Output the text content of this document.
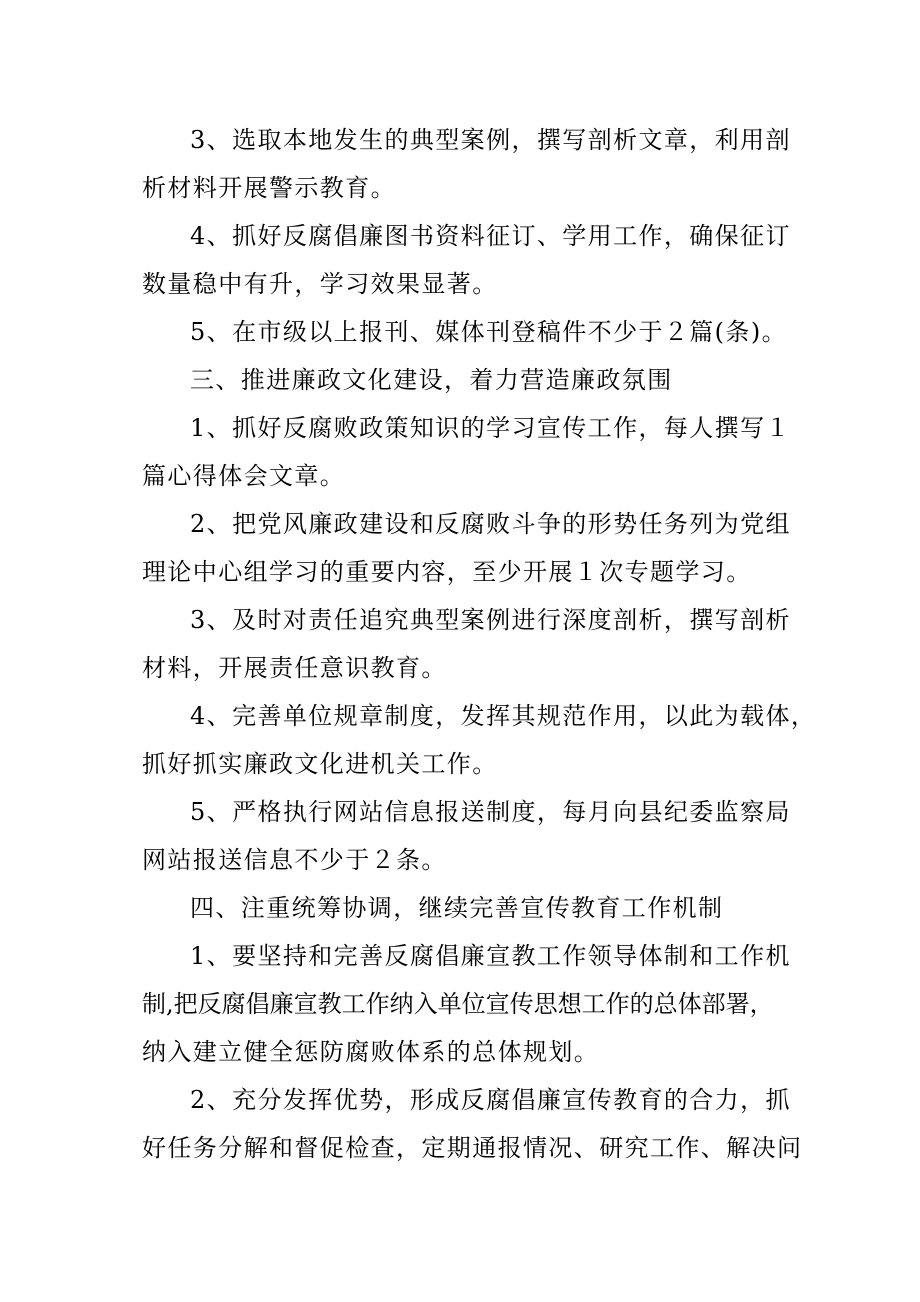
3、选取本地发生的典型案例，撰写剖析文章，利用剖
析材料开展警示教育。
4、抓好反腐倡廉图书资料征订、学用工作，确保征订
数量稳中有升，学习效果显著。
5、在市级以上报刊、媒体刊登稿件不少于２篇(条)。
三、推进廉政文化建设，着力营造廉政氛围
1、抓好反腐败政策知识的学习宣传工作，每人撰写１
篇心得体会文章。
2、把党风廉政建设和反腐败斗争的形势任务列为党组
理论中心组学习的重要内容，至少开展１次专题学习。
3、及时对责任追究典型案例进行深度剖析，撰写剖析
材料，开展责任意识教育。
4、完善单位规章制度，发挥其规范作用，以此为载体，
抓好抓实廉政文化进机关工作。
5、严格执行网站信息报送制度，每月向县纪委监察局
网站报送信息不少于２条。
四、注重统筹协调，继续完善宣传教育工作机制
1、要坚持和完善反腐倡廉宣教工作领导体制和工作机
制,把反腐倡廉宣教工作纳入单位宣传思想工作的总体部署，
纳入建立健全惩防腐败体系的总体规划。
2、充分发挥优势，形成反腐倡廉宣传教育的合力，抓
好任务分解和督促检查，定期通报情况、研究工作、解决问
